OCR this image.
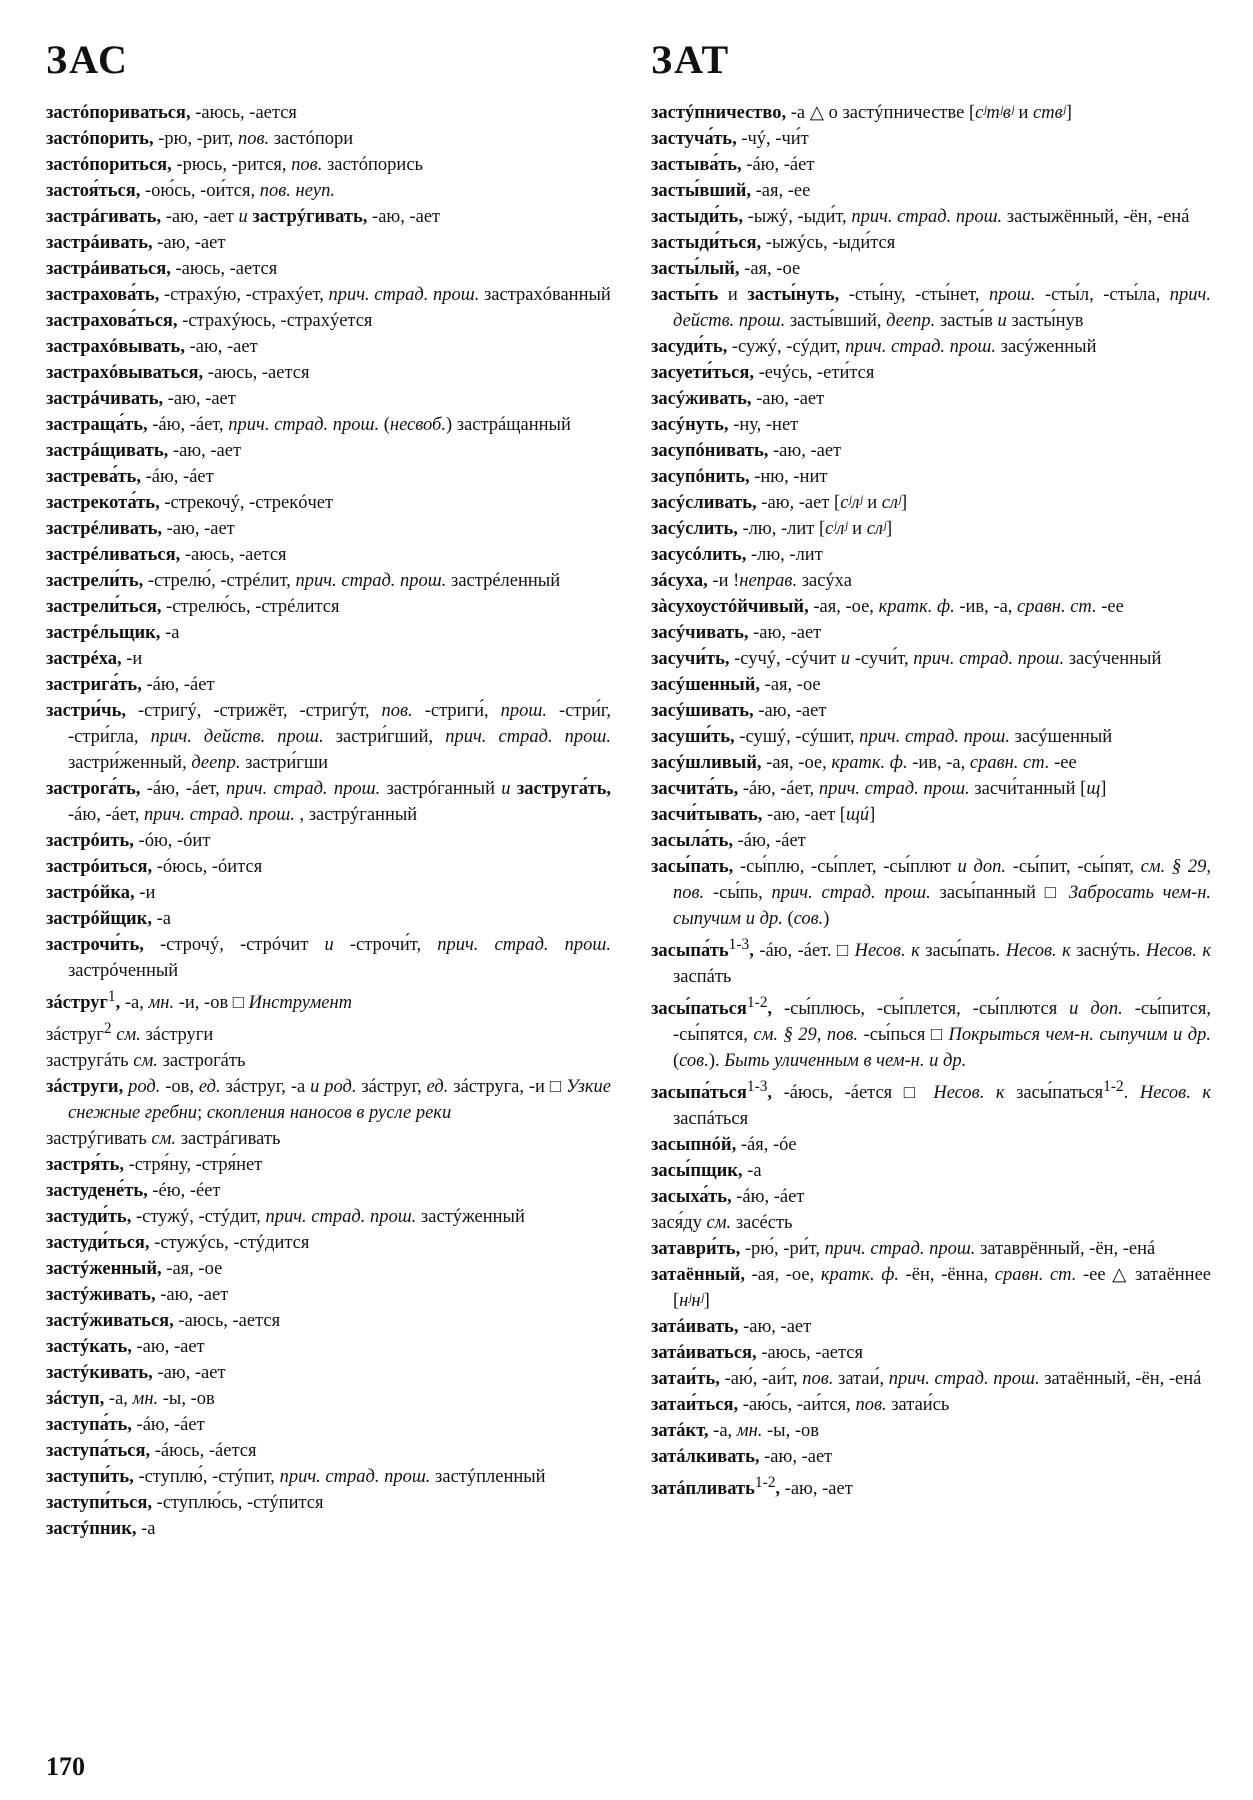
ЗАС
застóпориваться, -аюсь, -ается
застóпорить, -рю, -рит, пов. застóпори
застóпориться, -рюсь, -рится, пов. застóпорись
застоя́ться, -ою́сь, -ои́тся, пов. неуп.
застрáгивать, -аю, -ает и застрýгивать, -аю, -ает
застрáивать, -аю, -ает
застрáиваться, -аюсь, -ается
застрахова́ть, -страхýю, -страхýет, прич. страд. прош. застрахóванный
застрахова́ться, -страхýюсь, -страхýется
застрахóвывать, -аю, -ает
застрахóвываться, -аюсь, -ается
застрáчивать, -аю, -ает
застраща́ть, -áю, -áет, прич. страд. прош. (несвоб.) застрáщанный
застрáщивать, -аю, -ает
застрева́ть, -áю, -áет
застрекота́ть, -стрекочý, -стрекóчет
застрéливать, -аю, -ает
застрéливаться, -аюсь, -ается
застрели́ть, -стрелю́, -стрéлит, прич. страд. прош. застрéленный
застрели́ться, -стрелю́сь, -стрéлится
застрéльщик, -а
застрéха, -и
застрига́ть, -áю, -áет
застри́чь, -стригý, -стрижёт, -стригýт, пов. -стриги́, прош. -стри́г, -стри́гла, прич. действ. прош. застри́гший, прич. страд. прош. застри́женный, деепр. застри́гши
застрога́ть, -áю, -áет, прич. страд. прош. застрóганный и заструга́ть, -áю, -áет, прич. страд. прош. , застрýганный
застрóить, -óю, -óит
застрóиться, -óюсь, -óится
застрóйка, -и
застрóйщик, -а
застрочи́ть, -строчý, -стрóчит и -строчи́т, прич. страд. прош. застрóченный
зáструг$^1$, -а, мн. -и, -ов □ Инструмент
зáструг$^2$ см. зáструги
застругáть см. застрогáть
зáструги, род. -ов, ед. зáструг, -а и род. зáструг, ед. зáструга, -и □ Узкие снежные гребни; скопления наносов в русле реки
застрýгивать см. застрáгивать
застря́ть, -стря́ну, -стря́нет
застудене́ть, -éю, -éет
застуди́ть, -стужý, -стýдит, прич. страд. прош. застýженный
застуди́ться, -стужýсь, -стýдится
застýженный, -ая, -ое
застýживать, -аю, -ает
застýживаться, -аюсь, -ается
застýкать, -аю, -ает
застýкивать, -аю, -ает
зáступ, -а, мн. -ы, -ов
заступа́ть, -áю, -áет
заступа́ться, -áюсь, -áется
заступи́ть, -ступлю́, -стýпит, прич. страд. прош. застýпленный
заступи́ться, -ступлю́сь, -стýпится
застýпник, -а
ЗАТ
застýпничество, -а △ о застýпничестве [сʲтʲвʲ и ствʲ]
застуча́ть, -чý, -чи́т
застыва́ть, -áю, -áет
засты́вший, -ая, -ее
застыди́ть, -ыжý, -ыди́т, прич. страд. прош. застыжённый, -ён, -енá
застыди́ться, -ыжýсь, -ыди́тся
засты́лый, -ая, -ое
засты́ть и засты́нуть, -сты́ну, -сты́нет, прош. -сты́л, -сты́ла, прич. действ. прош. засты́вший, деепр. засты́в и засты́нув
засуди́ть, -сужý, -сýдит, прич. страд. прош. засýженный
засуети́ться, -ечýсь, -ети́тся
засýживать, -аю, -ает
засýнуть, -ну, -нет
засупóнивать, -аю, -ает
засупóнить, -ню, -нит
засýсливать, -аю, -ает [сʲлʲ и слʲ]
засýслить, -лю, -лит [сʲлʲ и слʲ]
засусóлить, -лю, -лит
зáсуха, -и !неправ. засýха
зàсухоустóйчивый, -ая, -ое, кратк. ф. -ив, -а, сравн. ст. -ее
засýчивать, -аю, -ает
засучи́ть, -сучý, -сýчит и -сучи́т, прич. страд. прош. засýченный
засýшенный, -ая, -ое
засýшивать, -аю, -ает
засуши́ть, -сушý, -сýшит, прич. страд. прош. засýшенный
засýшливый, -ая, -ое, кратк. ф. -ив, -а, сравн. ст. -ее
засчита́ть, -áю, -áет, прич. страд. прош. засчи́танный [щ]
засчи́тывать, -аю, -ает [щú]
засыла́ть, -áю, -áет
засы́пать, -сы́плю, -сы́плет, -сы́плют и доп. -сы́пит, -сы́пят, см. § 29, пов. -сы́пь, прич. страд. прош. засы́панный □ Забросать чем-н. сыпучим и др. (сов.)
$засыпа́ть^{1-3}$, -áю, -áет. □ Несов. к засы́пать. Несов. к заснýть. Несов. к заспáть
засы́паться$^{1-2}$, -сы́плюсь, -сы́плется, -сы́плются и доп. -сы́пится, -сы́пятся, см. § 29, пов. -сы́пься □ Покрыться чем-н. сыпучим и др. (сов.). Быть уличенным в чем-н. и др.
засыпа́ться$^{1-3}$, -áюсь, -áется □ Несов. к засы́паться$^{1-2}$. Несов. к заспáться
засыпнóй, -áя, -óе
засы́пщик, -а
засыха́ть, -áю, -áет
зася́ду см. засéсть
затаври́ть, -рю́, -ри́т, прич. страд. прош. затаврённый, -ён, -енá
затаённый, -ая, -ое, кратк. ф. -ён, -ённа, сравн. ст. -ее △ затаённее [нʲнʲ]
затáивать, -аю, -ает
затáиваться, -аюсь, -ается
затаи́ть, -аю́, -аи́т, пов. затаи́, прич. страд. прош. затаённый, -ён, -енá
затаи́ться, -аю́сь, -аи́тся, пов. затаи́сь
затáкт, -а, мн. -ы, -ов
затáлкивать, -аю, -ает
затáпливать$^{1-2}$, -аю, -ает
170
